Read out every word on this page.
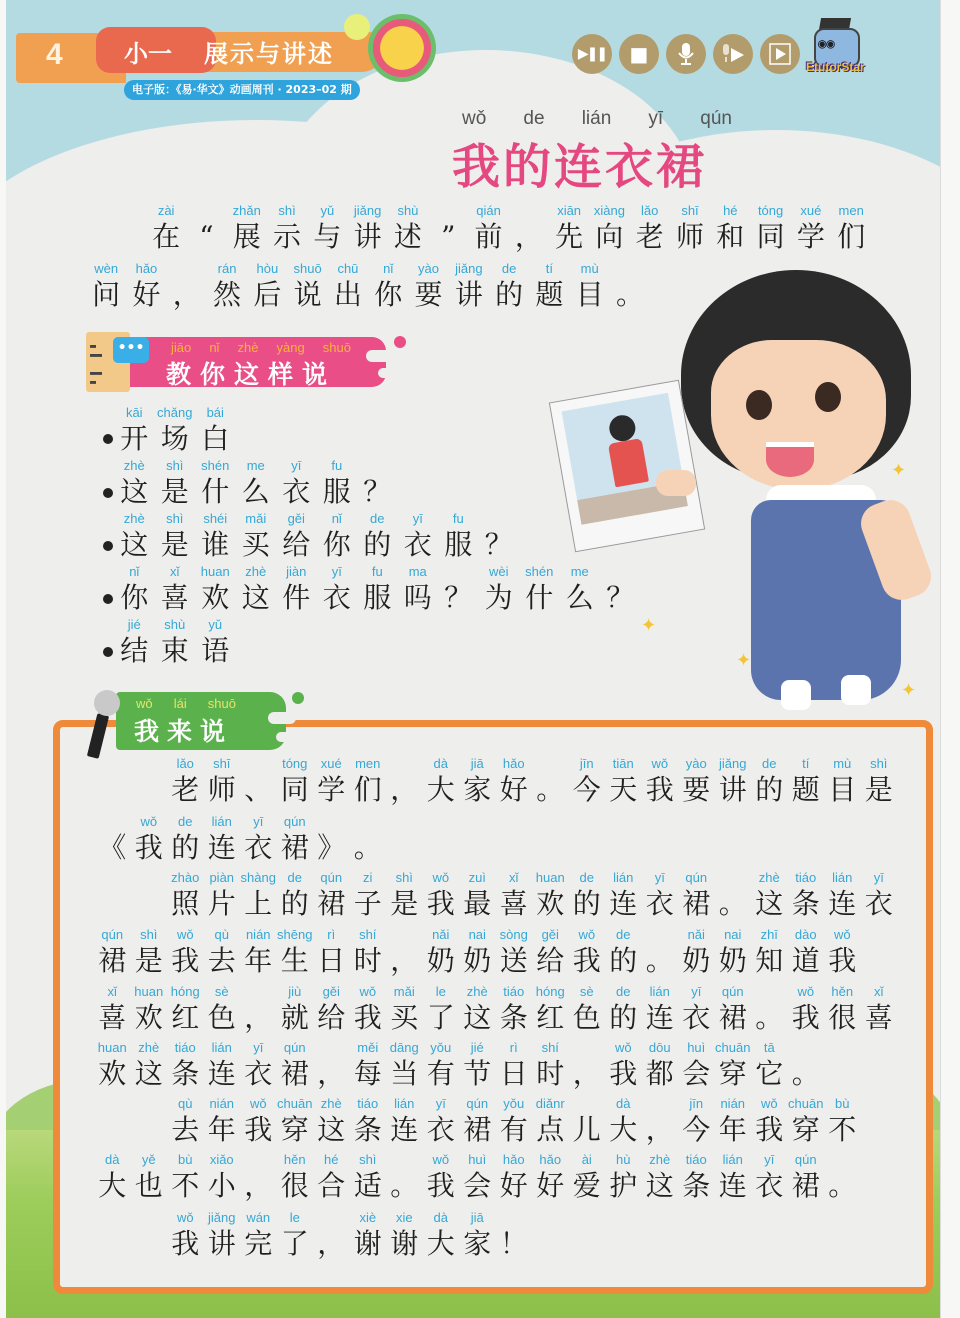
4	小一 展示与讲述
电子版：《易·华文》动画周刊 · 2023–02 期
▶❚❚ ■	◉◉
EtutorStar
wǒ de lián yī qún
我的连衣裙
zài
在 “
zhǎn
展
shì
示
yǔ
与
jiǎng
讲
shù
述 ”
qián
前 ，
xiān
先
xiàng
向
lǎo
老
shī
师
hé
和
tóng
同
xué
学
men
们
wèn
问
hǎo
好 ，
rán
然
hòu
后
shuō
说
chū
出
nǐ
你
yào
要
jiǎng
讲
de
的
tí
题
mù
目 。
✦
✦
✦
✦
▬
▬▬

▬▬
▬
•••	jiāo nǐ zhè yàng shuō
教你这样说
kāi
开
chǎng
场
bái
白
zhè
这
shì
是
shén
什
me
么
yī
衣
fu
服 ？
zhè
这
shì
是
shéi
谁
mǎi
买
gěi
给
nǐ
你
de
的
yī
衣
fu
服 ？
nǐ
你
xǐ
喜
huan
欢
zhè
这
jiàn
件
yī
衣
fu
服
ma
吗 ？
wèi
为
shén
什
me
么 ？
jié
结
shù
束
yǔ
语
wǒ lái shuō
我来说
lǎo
老
shī
师 、
tóng
同
xué
学
men
们 ，
dà
大
jiā
家
hǎo
好 。
jīn
今
tiān
天
wǒ
我
yào
要
jiǎng
讲
de
的
tí
题
mù
目
shì
是
《
wǒ
我
de
的
lián
连
yī
衣
qún
裙 》 。
zhào
照
piàn
片
shàng
上
de
的
qún
裙
zi
子
shì
是
wǒ
我
zuì
最
xǐ
喜
huan
欢
de
的
lián
连
yī
衣
qún
裙 。
zhè
这
tiáo
条
lián
连
yī
衣
qún
裙
shì
是
wǒ
我
qù
去
nián
年
shēng
生
rì
日
shí
时 ，
nǎi
奶
nai
奶
sòng
送
gěi
给
wǒ
我
de
的 。
nǎi
奶
nai
奶
zhī
知
dào
道
wǒ
我
xǐ
喜
huan
欢
hóng
红
sè
色 ，
jiù
就
gěi
给
wǒ
我
mǎi
买
le
了
zhè
这
tiáo
条
hóng
红
sè
色
de
的
lián
连
yī
衣
qún
裙 。
wǒ
我
hěn
很
xǐ
喜
huan
欢
zhè
这
tiáo
条
lián
连
yī
衣
qún
裙 ，
měi
每
dāng
当
yǒu
有
jié
节
rì
日
shí
时 ，
wǒ
我
dōu
都
huì
会
chuān
穿
tā
它 。
qù
去
nián
年
wǒ
我
chuān
穿
zhè
这
tiáo
条
lián
连
yī
衣
qún
裙
yǒu
有
diǎnr
点 儿
dà
大 ，
jīn
今
nián
年
wǒ
我
chuān
穿
bù
不
dà
大
yě
也
bù
不
xiǎo
小 ，
hěn
很
hé
合
shì
适 。
wǒ
我
huì
会
hǎo
好
hǎo
好
ài
爱
hù
护
zhè
这
tiáo
条
lián
连
yī
衣
qún
裙 。
wǒ
我
jiǎng
讲
wán
完
le
了 ，
xiè
谢
xie
谢
dà
大
jiā
家 ！
